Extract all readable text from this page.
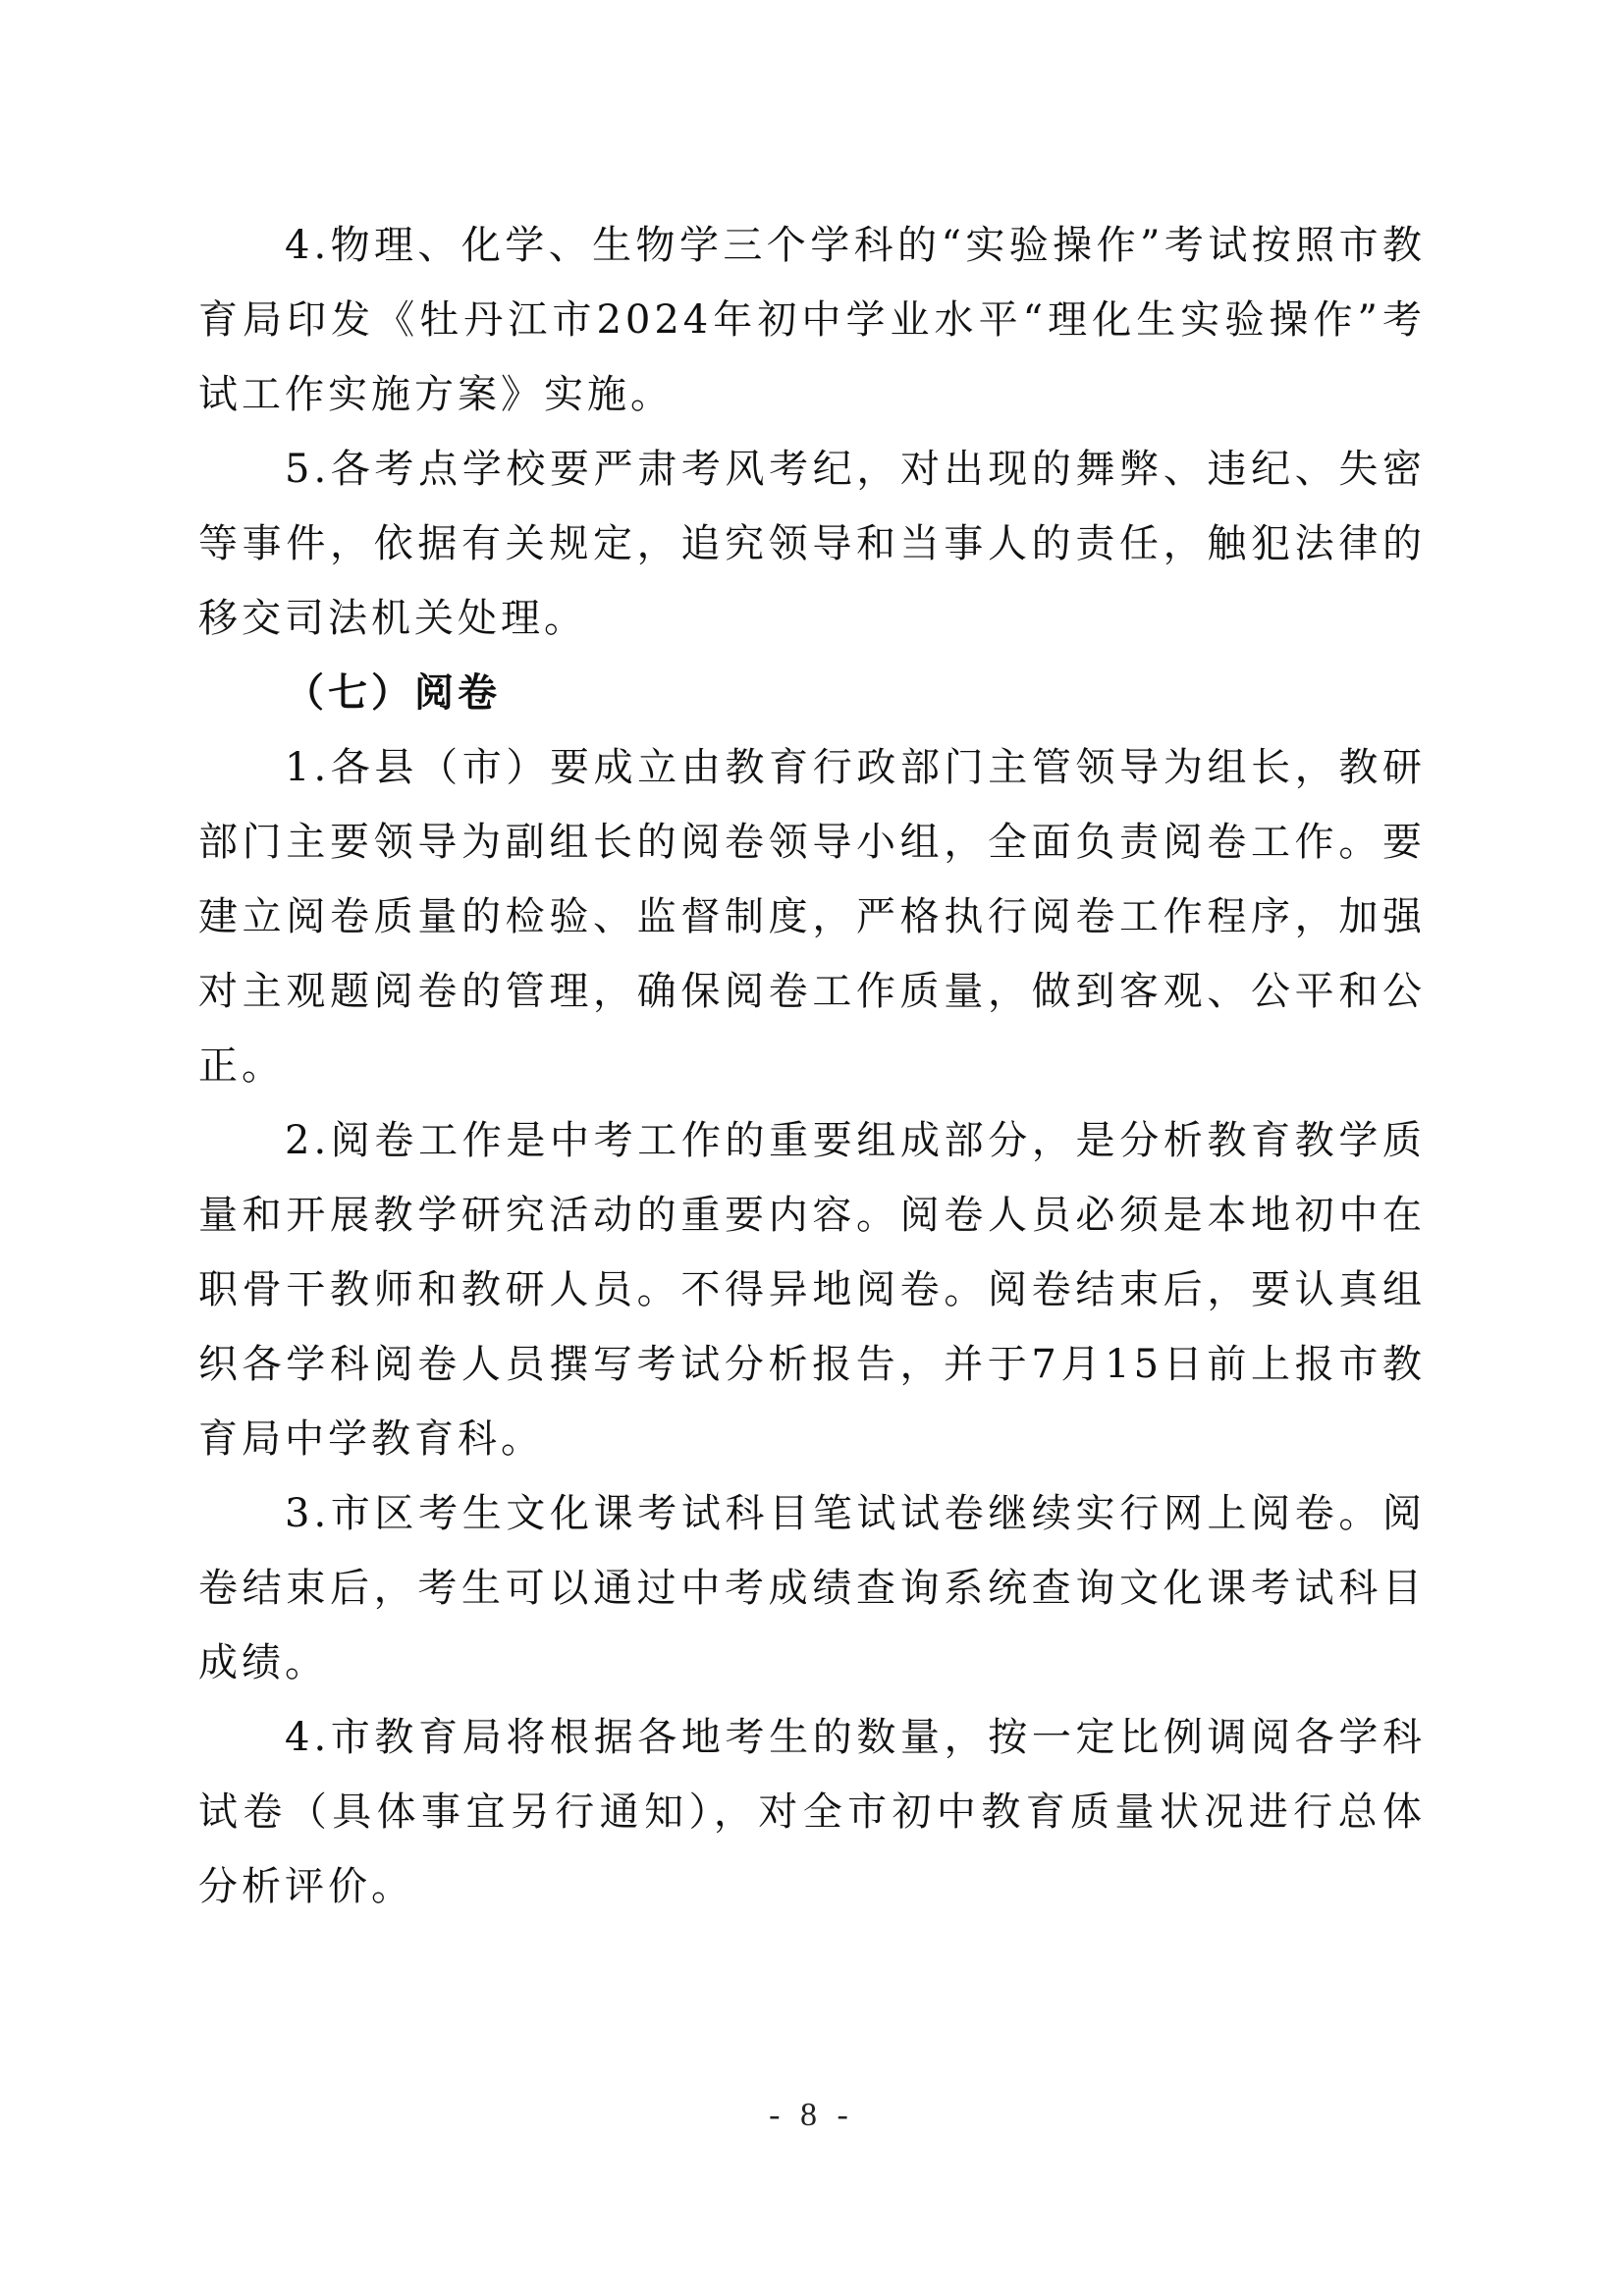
4.物理、化学、生物学三个学科的“实验操作”考试按照市教育局印发《牡丹江市2024年初中学业水平“理化生实验操作”考试工作实施方案》实施。

5.各考点学校要严肃考风考纪，对出现的舞弊、违纪、失密等事件，依据有关规定，追究领导和当事人的责任，触犯法律的移交司法机关处理。

（七）阅卷

1.各县（市）要成立由教育行政部门主管领导为组长，教研部门主要领导为副组长的阅卷领导小组，全面负责阅卷工作。要建立阅卷质量的检验、监督制度，严格执行阅卷工作程序，加强对主观题阅卷的管理，确保阅卷工作质量，做到客观、公平和公正。

2.阅卷工作是中考工作的重要组成部分，是分析教育教学质量和开展教学研究活动的重要内容。阅卷人员必须是本地初中在职骨干教师和教研人员。不得异地阅卷。阅卷结束后，要认真组织各学科阅卷人员撰写考试分析报告，并于7月15日前上报市教育局中学教育科。

3.市区考生文化课考试科目笔试试卷继续实行网上阅卷。阅卷结束后，考生可以通过中考成绩查询系统查询文化课考试科目成绩。

4.市教育局将根据各地考生的数量，按一定比例调阅各学科试卷（具体事宜另行通知），对全市初中教育质量状况进行总体分析评价。

- 8 -
